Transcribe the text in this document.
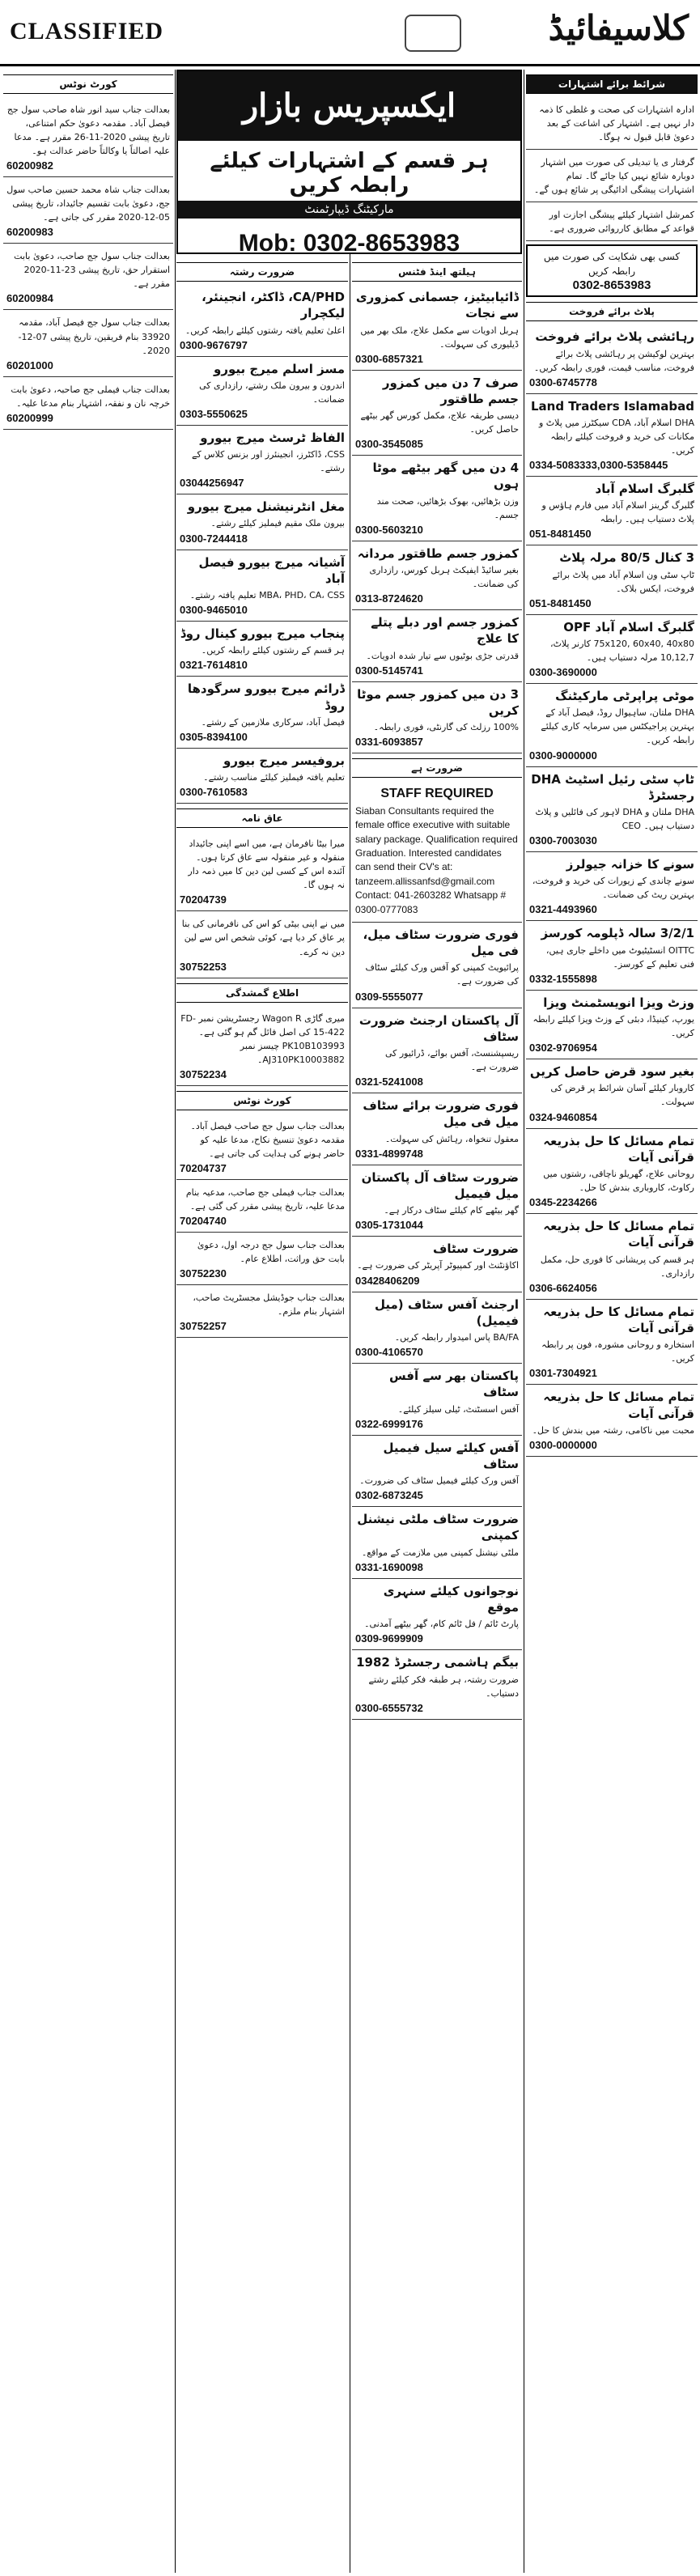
CLASSIFIED	کلاسیفائیڈ
ایکسپریس بازار
ہر قسم کے اشتہارات کیلئے رابطہ کریں
مارکیٹنگ ڈیپارٹمنٹ
Mob: 0302-8653983
شرائط برائے اشتہارات
ادارہ اشتہارات کی صحت و غلطی کا ذمہ دار نہیں ہے۔ اشتہار کی اشاعت کے بعد دعویٰ قابل قبول نہ ہوگا۔
گرفتار ی یا تبدیلی کی صورت میں اشتہار دوبارہ شائع نہیں کیا جائے گا۔ تمام اشتہارات پیشگی ادائیگی پر شائع ہوں گے۔
کمرشل اشتہار کیلئے پیشگی اجازت اور قواعد کے مطابق کارروائی ضروری ہے۔
کسی بھی شکایت کی صورت میں رابطہ کریں
0302-8653983
پلاٹ برائے فروخت
رہائشی پلاٹ برائے فروخت
بہترین لوکیشن پر رہائشی پلاٹ برائے فروخت، مناسب قیمت، فوری رابطہ کریں۔
0300-6745778
Land Traders Islamabad
DHA اسلام آباد، CDA سیکٹرز میں پلاٹ و مکانات کی خرید و فروخت کیلئے رابطہ کریں۔
0334-5083333,0300-5358445
گلبرگ اسلام آباد
گلبرگ گرینز اسلام آباد میں فارم ہاؤس و پلاٹ دستیاب ہیں۔ رابطہ
051-8481450
3 کنال 80/5 مرلہ پلاٹ
ٹاپ سٹی ون اسلام آباد میں پلاٹ برائے فروخت، ایکس بلاک۔
051-8481450
گلبرگ اسلام آباد OPF
75x120, 60x40, 40x80 کارنر پلاٹ، 10,12,7 مرلہ دستیاب ہیں۔
0300-3690000
موٹی پراپرٹی مارکیٹنگ
DHA ملتان، ساہیوال روڈ، فیصل آباد کے بہترین پراجیکٹس میں سرمایہ کاری کیلئے رابطہ کریں۔
0300-9000000
ٹاپ سٹی رئیل اسٹیٹ DHA رجسٹرڈ
DHA ملتان و DHA لاہور کی فائلیں و پلاٹ دستیاب ہیں۔ CEO
0300-7003030
سونے کا خزانہ جیولرز
سونے چاندی کے زیورات کی خرید و فروخت، بہترین ریٹ کی ضمانت۔
0321-4493960
3/2/1 سالہ ڈپلومہ کورسز
OITTC انسٹیٹیوٹ میں داخلے جاری ہیں، فنی تعلیم کے کورسز۔
0332-1555898
وزٹ ویزا انویسٹمنٹ ویزا
یورپ، کینیڈا، دبئی کے وزٹ ویزا کیلئے رابطہ کریں۔
0302-9706954
بغیر سود قرض حاصل کریں
کاروبار کیلئے آسان شرائط پر قرض کی سہولت۔
0324-9460854
تمام مسائل کا حل بذریعہ قرآنی آیات
روحانی علاج، گھریلو ناچاقی، رشتوں میں رکاوٹ، کاروباری بندش کا حل۔
0345-2234266
تمام مسائل کا حل بذریعہ قرآنی آیات
ہر قسم کی پریشانی کا فوری حل، مکمل رازداری۔
0306-6624056
تمام مسائل کا حل بذریعہ قرآنی آیات
استخارہ و روحانی مشورہ، فون پر رابطہ کریں۔
0301-7304921
تمام مسائل کا حل بذریعہ قرآنی آیات
محبت میں ناکامی، رشتہ میں بندش کا حل۔
0300-0000000
ہیلتھ اینڈ فٹنس
ڈائیابیٹیز، جسمانی کمزوری سے نجات
ہربل ادویات سے مکمل علاج، ملک بھر میں ڈیلیوری کی سہولت۔
0300-6857321
صرف 7 دن میں کمزور جسم طاقتور
دیسی طریقہ علاج، مکمل کورس گھر بیٹھے حاصل کریں۔
0300-3545085
4 دن میں گھر بیٹھے موٹا ہوں
وزن بڑھائیں، بھوک بڑھائیں، صحت مند جسم۔
0300-5603210
کمزور جسم طاقتور مردانہ
بغیر سائیڈ ایفیکٹ ہربل کورس، رازداری کی ضمانت۔
0313-8724620
کمزور جسم اور دبلے پتلے کا علاج
قدرتی جڑی بوٹیوں سے تیار شدہ ادویات۔
0300-5145741
3 دن میں کمزور جسم موٹا کریں
100% رزلٹ کی گارنٹی، فوری رابطہ۔
0331-6093857
ضرورت ہے
STAFF REQUIRED
Siaban Consultants required the female office executive with suitable salary package. Qualification required Graduation. Interested candidates can send their CV's at: tanzeem.allissanfsd@gmail.com Contact: 041-2603282 Whatsapp # 0300-0777083
فوری ضرورت سٹاف میل، فی میل
پرائیویٹ کمپنی کو آفس ورک کیلئے سٹاف کی ضرورت ہے۔
0309-5555077
آل پاکستان ارجنٹ ضرورت سٹاف
ریسپشنسٹ، آفس بوائے، ڈرائیور کی ضرورت ہے۔
0321-5241008
فوری ضرورت برائے سٹاف میل فی میل
معقول تنخواہ، رہائش کی سہولت۔
0331-4899748
ضرورت سٹاف آل پاکستان میل فیمیل
گھر بیٹھے کام کیلئے سٹاف درکار ہے۔
0305-1731044
ضرورت سٹاف
اکاؤنٹنٹ اور کمپیوٹر آپریٹر کی ضرورت ہے۔
03428406209
ارجنٹ آفس سٹاف (میل فیمیل)
BA/FA پاس امیدوار رابطہ کریں۔
0300-4106570
پاکستان بھر سے آفس سٹاف
آفس اسسٹنٹ، ٹیلی سیلز کیلئے۔
0322-6999176
آفس کیلئے سیل فیمیل سٹاف
آفس ورک کیلئے فیمیل سٹاف کی ضرورت۔
0302-6873245
ضرورت سٹاف ملٹی نیشنل کمپنی
ملٹی نیشنل کمپنی میں ملازمت کے مواقع۔
0331-1690098
نوجوانوں کیلئے سنہری موقع
پارٹ ٹائم / فل ٹائم کام، گھر بیٹھے آمدنی۔
0309-9699909
بیگم ہاشمی رجسٹرڈ 1982
ضرورت رشتہ، ہر طبقہ فکر کیلئے رشتے دستیاب۔
0300-6555732
ضرورت رشتہ
CA/PHD، ڈاکٹر، انجینئر، لیکچرار
اعلیٰ تعلیم یافتہ رشتوں کیلئے رابطہ کریں۔
0300-9676797
مسز اسلم میرج بیورو
اندرون و بیرون ملک رشتے، رازداری کی ضمانت۔
0303-5550625
الفاظ ٹرسٹ میرج بیورو
CSS، ڈاکٹرز، انجینئرز اور بزنس کلاس کے رشتے۔
03044256947
مغل انٹرنیشنل میرج بیورو
بیرون ملک مقیم فیملیز کیلئے رشتے۔
0300-7244418
آشیانہ میرج بیورو فیصل آباد
MBA، PHD، CA، CSS تعلیم یافتہ رشتے۔
0300-9465010
پنجاب میرج بیورو کینال روڈ
ہر قسم کے رشتوں کیلئے رابطہ کریں۔
0321-7614810
ڈرائم میرج بیورو سرگودھا روڈ
فیصل آباد، سرکاری ملازمین کے رشتے۔
0305-8394100
بروفیسر میرج بیورو
تعلیم یافتہ فیملیز کیلئے مناسب رشتے۔
0300-7610583
عاق نامہ
میرا بیٹا نافرمان ہے، میں اسے اپنی جائیداد منقولہ و غیر منقولہ سے عاق کرتا ہوں۔ آئندہ اس کے کسی لین دین کا میں ذمہ دار نہ ہوں گا۔
70204739
میں نے اپنی بیٹی کو اس کی نافرمانی کی بنا پر عاق کر دیا ہے، کوئی شخص اس سے لین دین نہ کرے۔
30752253
اطلاع گمشدگی
میری گاڑی Wagon R رجسٹریشن نمبر FD-15-422 کی اصل فائل گم ہو گئی ہے۔ PK10B103993 چیسز نمبر AJ310PK10003882۔
30752234
کورٹ نوٹس
بعدالت جناب سول جج صاحب فیصل آباد۔ مقدمہ دعویٰ تنسیخ نکاح، مدعا علیہ کو حاضر ہونے کی ہدایت کی جاتی ہے۔
70204737
بعدالت جناب فیملی جج صاحب، مدعیہ بنام مدعا علیہ، تاریخ پیشی مقرر کی گئی ہے۔
70204740
بعدالت جناب سول جج درجہ اول، دعویٰ بابت حق وراثت، اطلاع عام۔
30752230
بعدالت جناب جوڈیشل مجسٹریٹ صاحب، اشتہار بنام ملزم۔
30752257
کورٹ نوٹس
بعدالت جناب سید انور شاہ صاحب سول جج فیصل آباد۔ مقدمہ دعویٰ حکم امتناعی، تاریخ پیشی 2020-11-26 مقرر ہے۔ مدعا علیہ اصالتاً یا وکالتاً حاضر عدالت ہو۔
60200982
بعدالت جناب شاہ محمد حسین صاحب سول جج، دعویٰ بابت تقسیم جائیداد، تاریخ پیشی 05-12-2020 مقرر کی جاتی ہے۔
60200983
بعدالت جناب سول جج صاحب، دعویٰ بابت استقرار حق، تاریخ پیشی 23-11-2020 مقرر ہے۔
60200984
بعدالت جناب سول جج فیصل آباد، مقدمہ 33920 بنام فریقین، تاریخ پیشی 07-12-2020۔
60201000
بعدالت جناب فیملی جج صاحبہ، دعویٰ بابت خرچہ نان و نفقہ، اشتہار بنام مدعا علیہ۔
60200999
